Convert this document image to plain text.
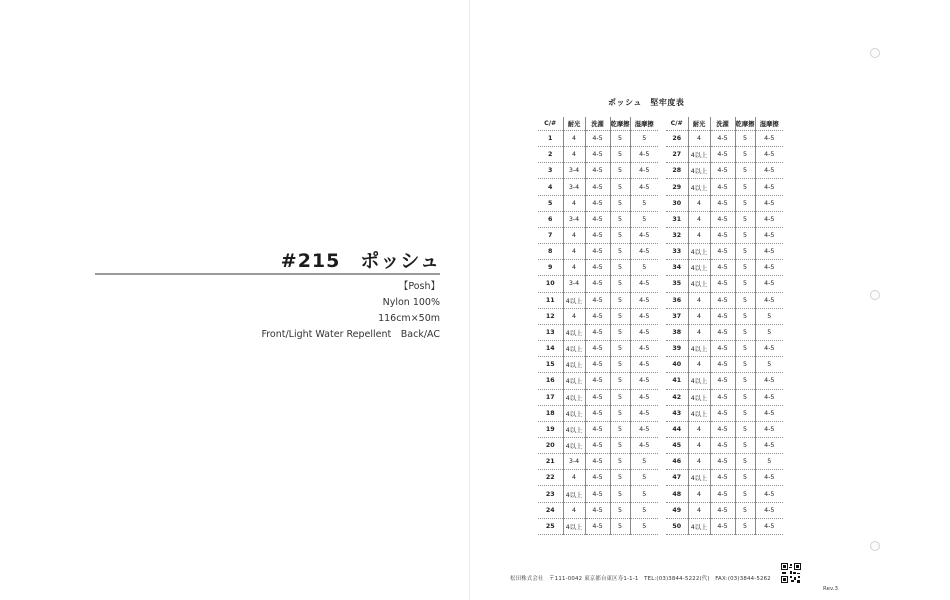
#215　ポッシュ
【Posh】
Nylon 100%
116cm×50m
Front/Light Water Repellent　Back/AC
ポッシュ　堅牢度表
C/#	耐光	洗濯	乾摩擦	湿摩擦
1	4	4-5	5	5
2	4	4-5	5	4-5
3	3-4	4-5	5	4-5
4	3-4	4-5	5	4-5
5	4	4-5	5	5
6	3-4	4-5	5	5
7	4	4-5	5	4-5
8	4	4-5	5	4-5
9	4	4-5	5	5
10	3-4	4-5	5	4-5
11	4以上	4-5	5	4-5
12	4	4-5	5	4-5
13	4以上	4-5	5	4-5
14	4以上	4-5	5	4-5
15	4以上	4-5	5	4-5
16	4以上	4-5	5	4-5
17	4以上	4-5	5	4-5
18	4以上	4-5	5	4-5
19	4以上	4-5	5	4-5
20	4以上	4-5	5	4-5
21	3-4	4-5	5	5
22	4	4-5	5	5
23	4以上	4-5	5	5
24	4	4-5	5	5
25	4以上	4-5	5	5
C/#	耐光	洗濯	乾摩擦	湿摩擦
26	4	4-5	5	4-5
27	4以上	4-5	5	4-5
28	4以上	4-5	5	4-5
29	4以上	4-5	5	4-5
30	4	4-5	5	4-5
31	4	4-5	5	4-5
32	4	4-5	5	4-5
33	4以上	4-5	5	4-5
34	4以上	4-5	5	4-5
35	4以上	4-5	5	4-5
36	4	4-5	5	4-5
37	4	4-5	5	5
38	4	4-5	5	5
39	4以上	4-5	5	4-5
40	4	4-5	5	5
41	4以上	4-5	5	4-5
42	4以上	4-5	5	4-5
43	4以上	4-5	5	4-5
44	4	4-5	5	4-5
45	4	4-5	5	4-5
46	4	4-5	5	5
47	4以上	4-5	5	4-5
48	4	4-5	5	4-5
49	4	4-5	5	4-5
50	4以上	4-5	5	4-5
松田株式会社　〒111-0042 東京都台東区寿1-1-1　TEL:(03)3844-5222(代)　FAX:(03)3844-5262
Rev.3
